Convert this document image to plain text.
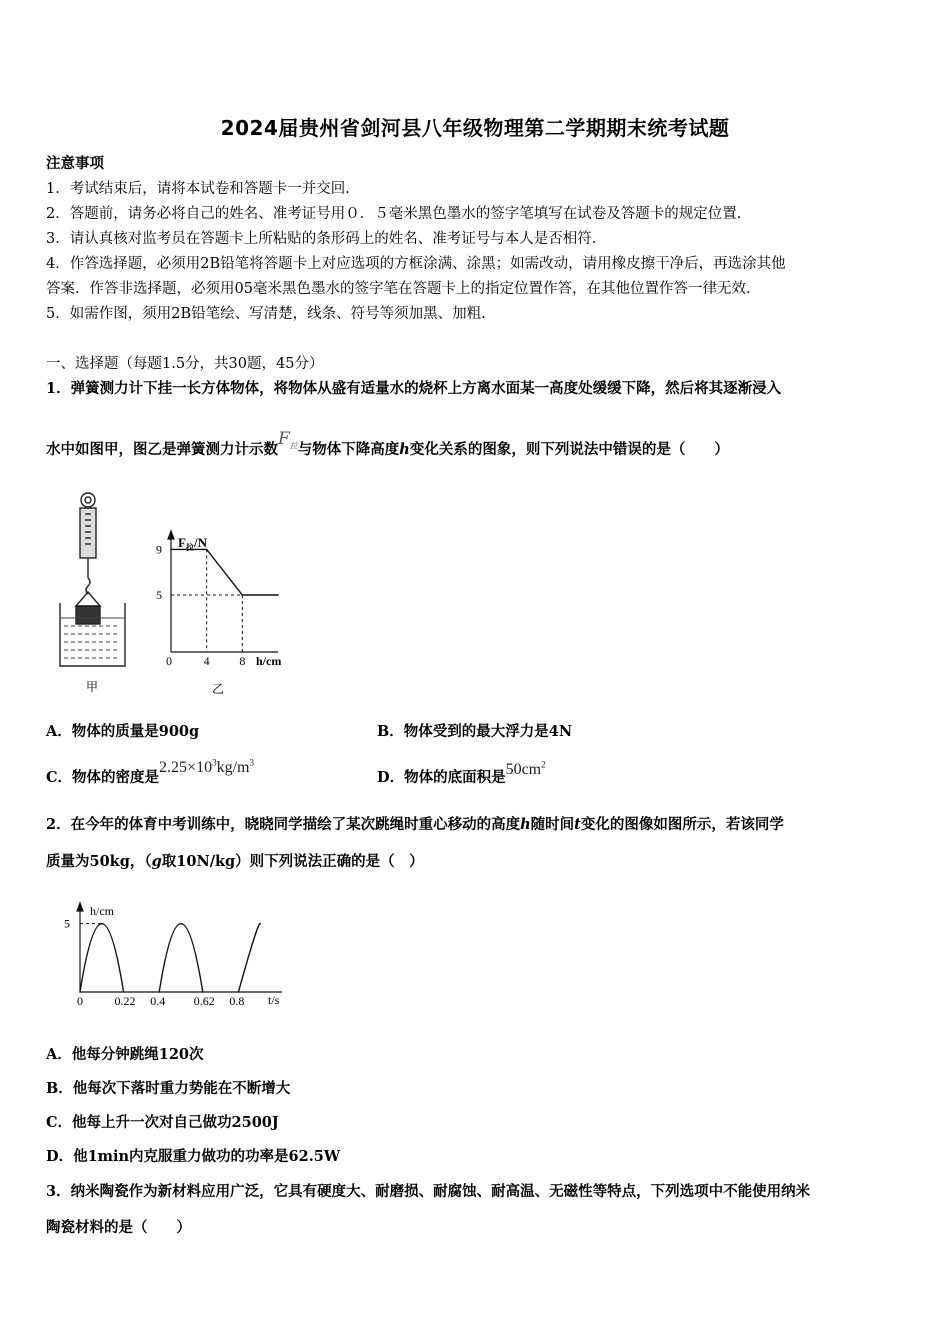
2024届贵州省剑河县八年级物理第二学期期末统考试题
注意事项
1．考试结束后，请将本试卷和答题卡一并交回.
2．答题前，请务必将自己的姓名、准考证号用０．５毫米黑色墨水的签字笔填写在试卷及答题卡的规定位置.
3．请认真核对监考员在答题卡上所粘贴的条形码上的姓名、准考证号与本人是否相符.
4．作答选择题，必须用2B铅笔将答题卡上对应选项的方框涂满、涂黑；如需改动，请用橡皮擦干净后，再选涂其他
答案．作答非选择题，必须用05毫米黑色墨水的签字笔在答题卡上的指定位置作答，在其他位置作答一律无效.
5．如需作图，须用2B铅笔绘、写清楚，线条、符号等须加黑、加粗.
一、选择题（每题1.5分，共30题，45分）
1．弹簧测力计下挂一长方体物体，将物体从盛有适量水的烧杯上方离水面某一高度处缓缓下降，然后将其逐渐浸入
水中如图甲，图乙是弹簧测力计示数$F_拉$与物体下降高度h变化关系的图象，则下列说法中错误的是（　　）
甲
9
5
0	4 8
$F_拉/N$
h/cm
乙
A．物体的质量是900g	B．物体受到的最大浮力是4N
C．物体的密度是$2.25\times 10^3kg/m^3$
D．物体的底面积是$50cm^2$
2．在今年的体育中考训练中，晓晓同学描绘了某次跳绳时重心移动的高度h随时间t变化的图像如图所示，若该同学
质量为50kg，（g取10N/kg）则下列说法正确的是（　）
5
0	0.22 0.4 0.62 0.8
h/cm
t/s
A．他每分钟跳绳120次
B．他每次下落时重力势能在不断增大
C．他每上升一次对自己做功2500J
D．他1min内克服重力做功的功率是62.5W
3．纳米陶瓷作为新材料应用广泛，它具有硬度大、耐磨损、耐腐蚀、耐高温、无磁性等特点，下列选项中不能使用纳米
陶瓷材料的是（　　）
